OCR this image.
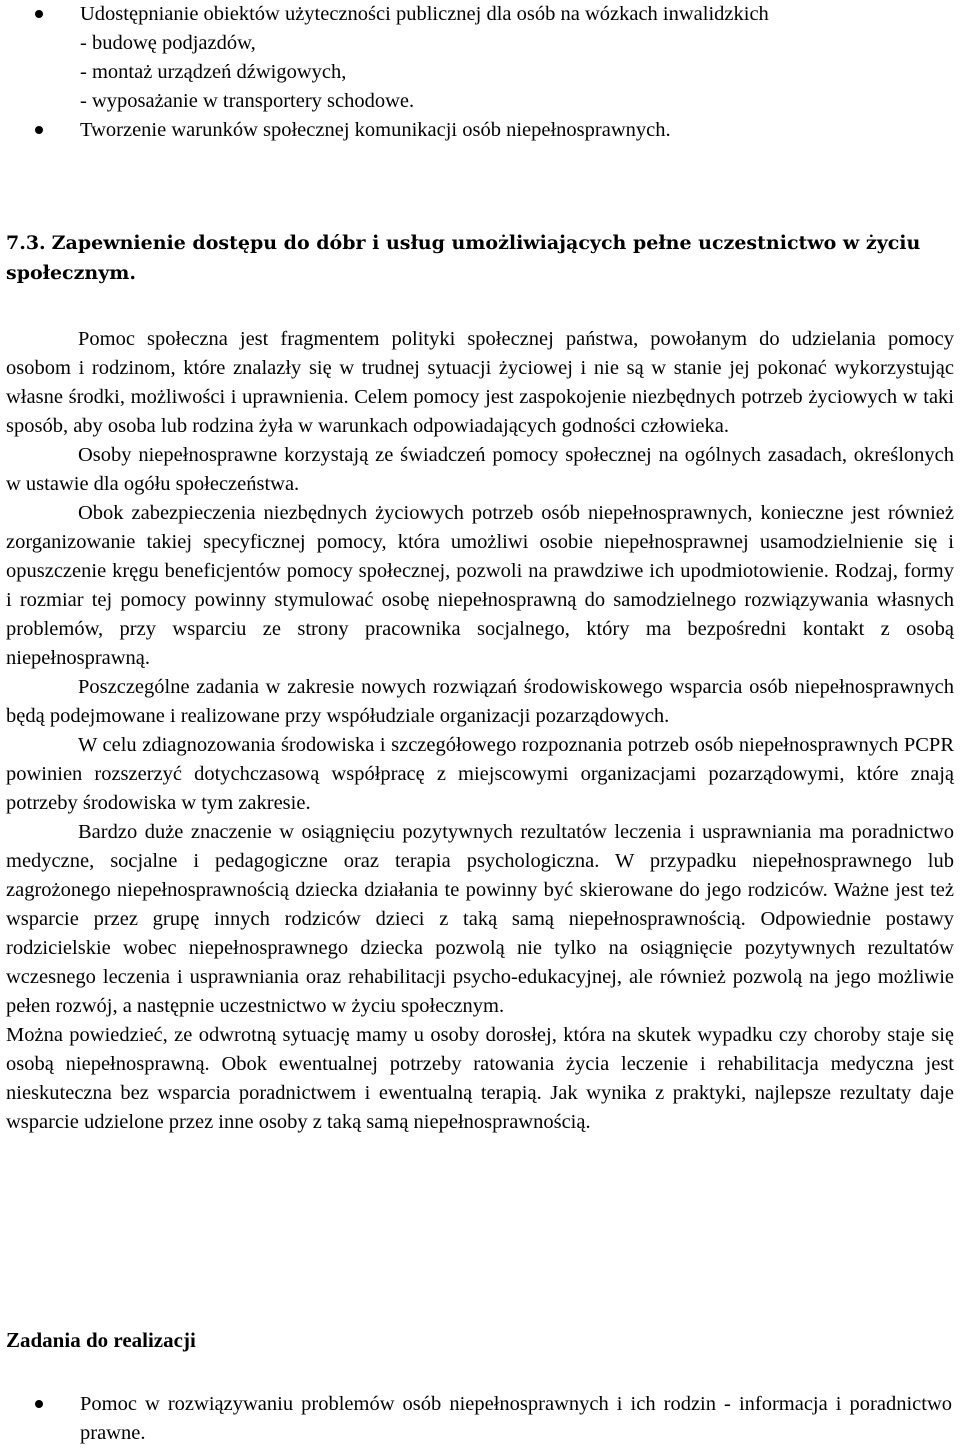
Udostępnianie obiektów użyteczności publicznej dla osób na wózkach inwalidzkich
- budowę podjazdów,
- montaż urządzeń dźwigowych,
- wyposażanie w transportery schodowe.
Tworzenie warunków społecznej komunikacji osób niepełnosprawnych.
7.3. Zapewnienie dostępu do dóbr i usług umożliwiających pełne uczestnictwo w życiu
społecznym.

Pomoc społeczna jest fragmentem polityki społecznej państwa, powołanym do udzielania pomocy osobom i rodzinom, które znalazły się w trudnej sytuacji życiowej i nie są w stanie jej pokonać wykorzystując własne środki, możliwości i uprawnienia. Celem pomocy jest zaspokojenie niezbędnych potrzeb życiowych w taki sposób, aby osoba lub rodzina żyła w warunkach odpowiadających godności człowieka.

Osoby niepełnosprawne korzystają ze świadczeń pomocy społecznej na ogólnych zasadach, określonych w ustawie dla ogółu społeczeństwa.

Obok zabezpieczenia niezbędnych życiowych potrzeb osób niepełnosprawnych, konieczne jest również zorganizowanie takiej specyficznej pomocy, która umożliwi osobie niepełnosprawnej usamodzielnienie się i opuszczenie kręgu beneficjentów pomocy społecznej, pozwoli na prawdziwe ich upodmiotowienie. Rodzaj, formy i rozmiar tej pomocy powinny stymulować osobę niepełnosprawną do samodzielnego rozwiązywania własnych problemów, przy wsparciu ze strony pracownika socjalnego, który ma bezpośredni kontakt z osobą niepełnosprawną.

Poszczególne zadania w zakresie nowych rozwiązań środowiskowego wsparcia osób niepełnosprawnych będą podejmowane i realizowane przy współudziale organizacji pozarządowych.

W celu zdiagnozowania środowiska i szczegółowego rozpoznania potrzeb osób niepełnosprawnych PCPR powinien rozszerzyć dotychczasową współpracę z miejscowymi organizacjami pozarządowymi, które znają potrzeby środowiska w tym zakresie.

Bardzo duże znaczenie w osiągnięciu pozytywnych rezultatów leczenia i usprawniania ma poradnictwo medyczne, socjalne i pedagogiczne oraz terapia psychologiczna. W przypadku niepełnosprawnego lub zagrożonego niepełnosprawnością dziecka działania te powinny być skierowane do jego rodziców. Ważne jest też wsparcie przez grupę innych rodziców dzieci z taką samą niepełnosprawnością. Odpowiednie postawy rodzicielskie wobec niepełnosprawnego dziecka pozwolą nie tylko na osiągnięcie pozytywnych rezultatów wczesnego leczenia i usprawniania oraz rehabilitacji psycho-edukacyjnej, ale również pozwolą na jego możliwie pełen rozwój, a następnie uczestnictwo w życiu społecznym.

Można powiedzieć, ze odwrotną sytuację mamy u osoby dorosłej, która na skutek wypadku czy choroby staje się osobą niepełnosprawną. Obok ewentualnej potrzeby ratowania życia leczenie i rehabilitacja medyczna jest nieskuteczna bez wsparcia poradnictwem i ewentualną terapią. Jak wynika z praktyki, najlepsze rezultaty daje wsparcie udzielone przez inne osoby z taką samą niepełnosprawnością.

Zadania do realizacji
Pomoc w rozwiązywaniu problemów osób niepełnosprawnych i ich rodzin - informacja i poradnictwo prawne.
